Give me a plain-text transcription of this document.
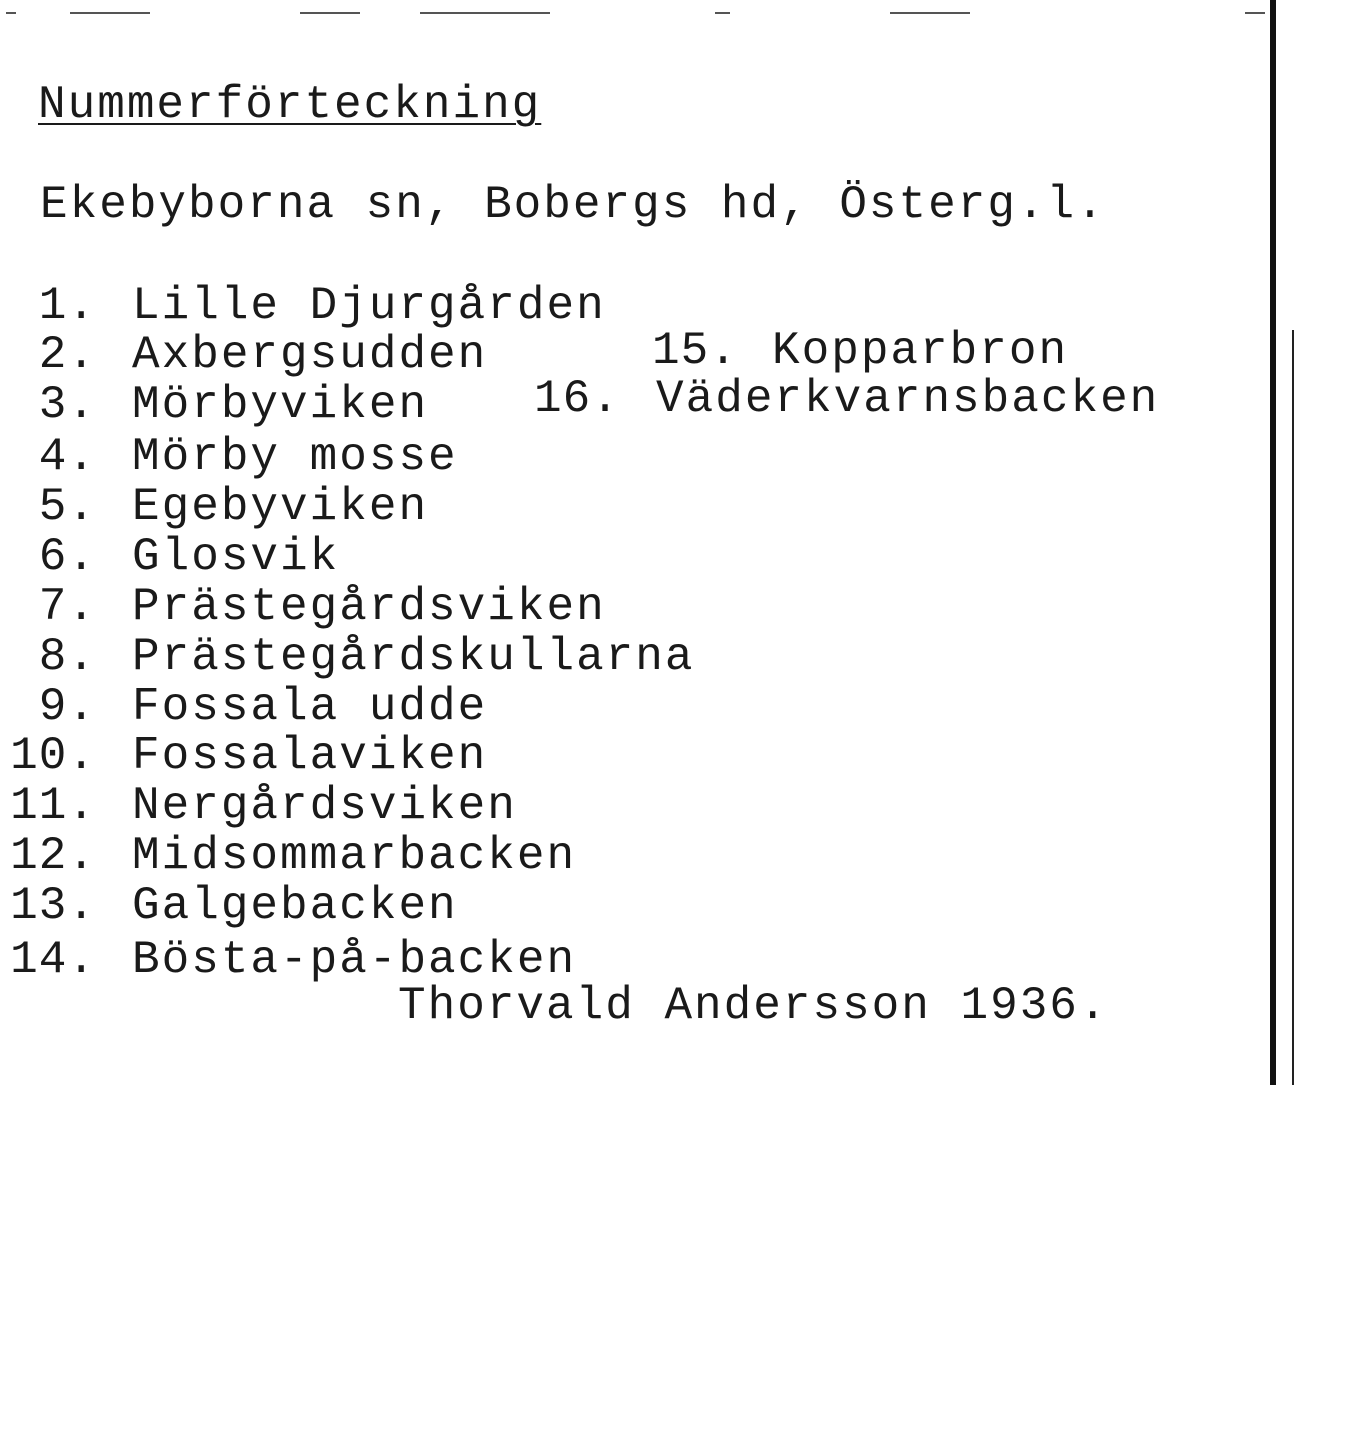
Nummerförteckning
Ekebyborna sn, Bobergs hd, Österg.l.
1. Lille Djurgården
2. Axbergsudden
3. Mörbyviken
4. Mörby mosse
5. Egebyviken
6. Glosvik
7. Prästegårdsviken
8. Prästegårdskullarna
9. Fossala udde
10. Fossalaviken
11. Nergårdsviken
12. Midsommarbacken
13. Galgebacken
14. Bösta-på-backen
15. Kopparbron
16. Väderkvarnsbacken
Thorvald Andersson 1936.
